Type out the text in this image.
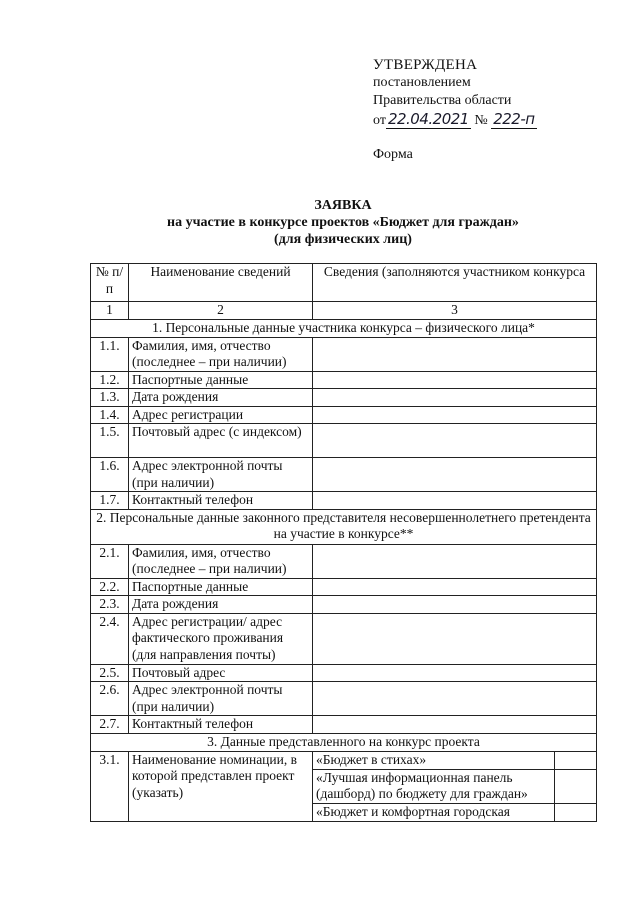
УТВЕРЖДЕНА
постановлением
Правительства области
от 22.04.2021 № 222-п
Форма
ЗАЯВКА
на участие в конкурсе проектов «Бюджет для граждан»
(для физических лиц)
№ п/п	Наименование сведений	Сведения (заполняются участником конкурса	
1	2	3	
1. Персональные данные участника конкурса – физического лица*			
1.1.	Фамилия, имя, отчество (последнее – при наличии)		
1.2.	Паспортные данные		
1.3.	Дата рождения		
1.4.	Адрес регистрации		
1.5.	Почтовый адрес (с индексом)		
1.6.	Адрес электронной почты (при наличии)		
1.7.	Контактный телефон		
2. Персональные данные законного представителя несовершеннолетнего претендента на участие в конкурсе**			
2.1.	Фамилия, имя, отчество (последнее – при наличии)		
2.2.	Паспортные данные		
2.3.	Дата рождения		
2.4.	Адрес регистрации/ адрес фактического проживания (для направления почты)		
2.5.	Почтовый адрес		
2.6.	Адрес электронной почты (при наличии)		
2.7.	Контактный телефон		
3. Данные представленного на конкурс проекта			
3.1.	Наименование номинации, в которой представлен проект (указать)	«Бюджет в стихах»	
		«Лучшая информационная панель (дашборд) по бюджету для граждан»	
		«Бюджет и комфортная городская	
